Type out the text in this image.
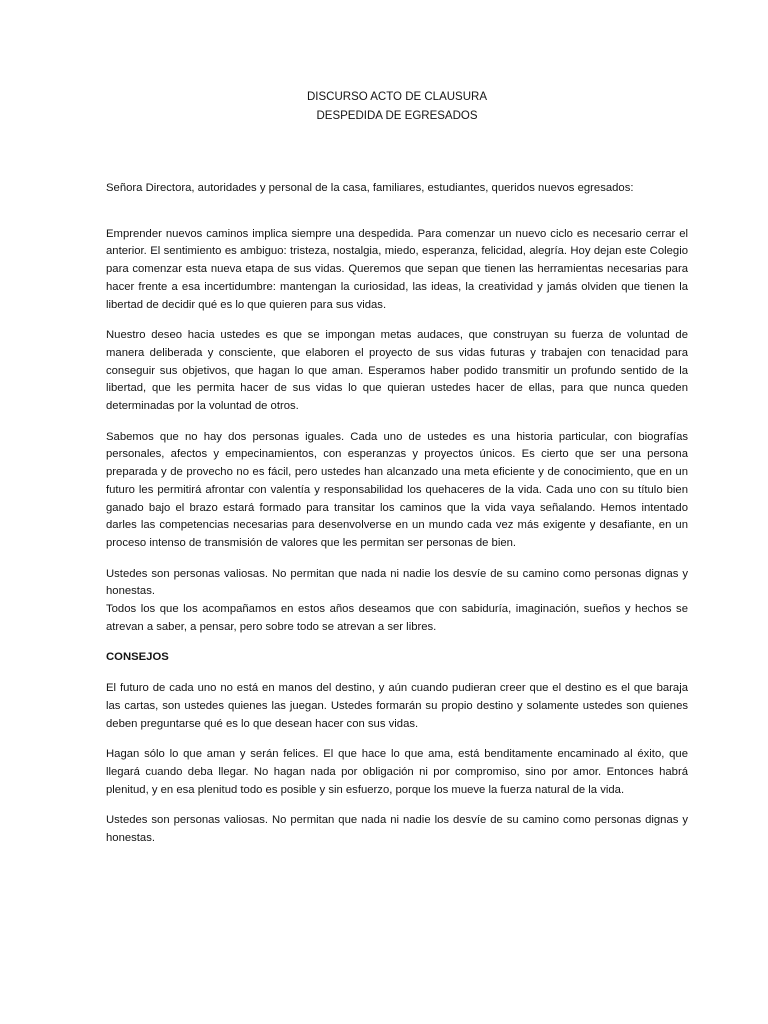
DISCURSO ACTO DE CLAUSURA
DESPEDIDA DE EGRESADOS

Señora Directora, autoridades y personal de la casa, familiares, estudiantes, queridos nuevos egresados:

Emprender nuevos caminos implica siempre una despedida. Para comenzar un nuevo ciclo es necesario cerrar el anterior. El sentimiento es ambiguo: tristeza, nostalgia, miedo, esperanza, felicidad, alegría. Hoy dejan este Colegio para comenzar esta nueva etapa de sus vidas. Queremos que sepan que tienen las herramientas necesarias para hacer frente a esa incertidumbre: mantengan la curiosidad, las ideas, la creatividad y jamás olviden que tienen la libertad de decidir qué es lo que quieren para sus vidas.

Nuestro deseo hacia ustedes es que se impongan metas audaces, que construyan su fuerza de voluntad de manera deliberada y consciente, que elaboren el proyecto de sus vidas futuras y trabajen con tenacidad para conseguir sus objetivos, que hagan lo que aman. Esperamos haber podido transmitir un profundo sentido de la libertad, que les permita hacer de sus vidas lo que quieran ustedes hacer de ellas, para que nunca queden determinadas por la voluntad de otros.

Sabemos que no hay dos personas iguales. Cada uno de ustedes es una historia particular, con biografías personales, afectos y empecinamientos, con esperanzas y proyectos únicos. Es cierto que ser una persona preparada y de provecho no es fácil, pero ustedes han alcanzado una meta eficiente y de conocimiento, que en un futuro les permitirá afrontar con valentía y responsabilidad los quehaceres de la vida. Cada uno con su título bien ganado bajo el brazo estará formado para transitar los caminos que la vida vaya señalando. Hemos intentado darles las competencias necesarias para desenvolverse en un mundo cada vez más exigente y desafiante, en un proceso intenso de transmisión de valores que les permitan ser personas de bien.

Ustedes son personas valiosas. No permitan que nada ni nadie los desvíe de su camino como personas dignas y honestas.

Todos los que los acompañamos en estos años deseamos que con sabiduría, imaginación, sueños y hechos se atrevan a saber, a pensar, pero sobre todo se atrevan a ser libres.

CONSEJOS

El futuro de cada uno no está en manos del destino, y aún cuando pudieran creer que el destino es el que baraja las cartas, son ustedes quienes las juegan. Ustedes formarán su propio destino y solamente ustedes son quienes deben preguntarse qué es lo que desean hacer con sus vidas.

Hagan sólo lo que aman y serán felices. El que hace lo que ama, está benditamente encaminado al éxito, que llegará cuando deba llegar. No hagan nada por obligación ni por compromiso, sino por amor. Entonces habrá plenitud, y en esa plenitud todo es posible y sin esfuerzo, porque los mueve la fuerza natural de la vida.

Ustedes son personas valiosas. No permitan que nada ni nadie los desvíe de su camino como personas dignas y honestas.
